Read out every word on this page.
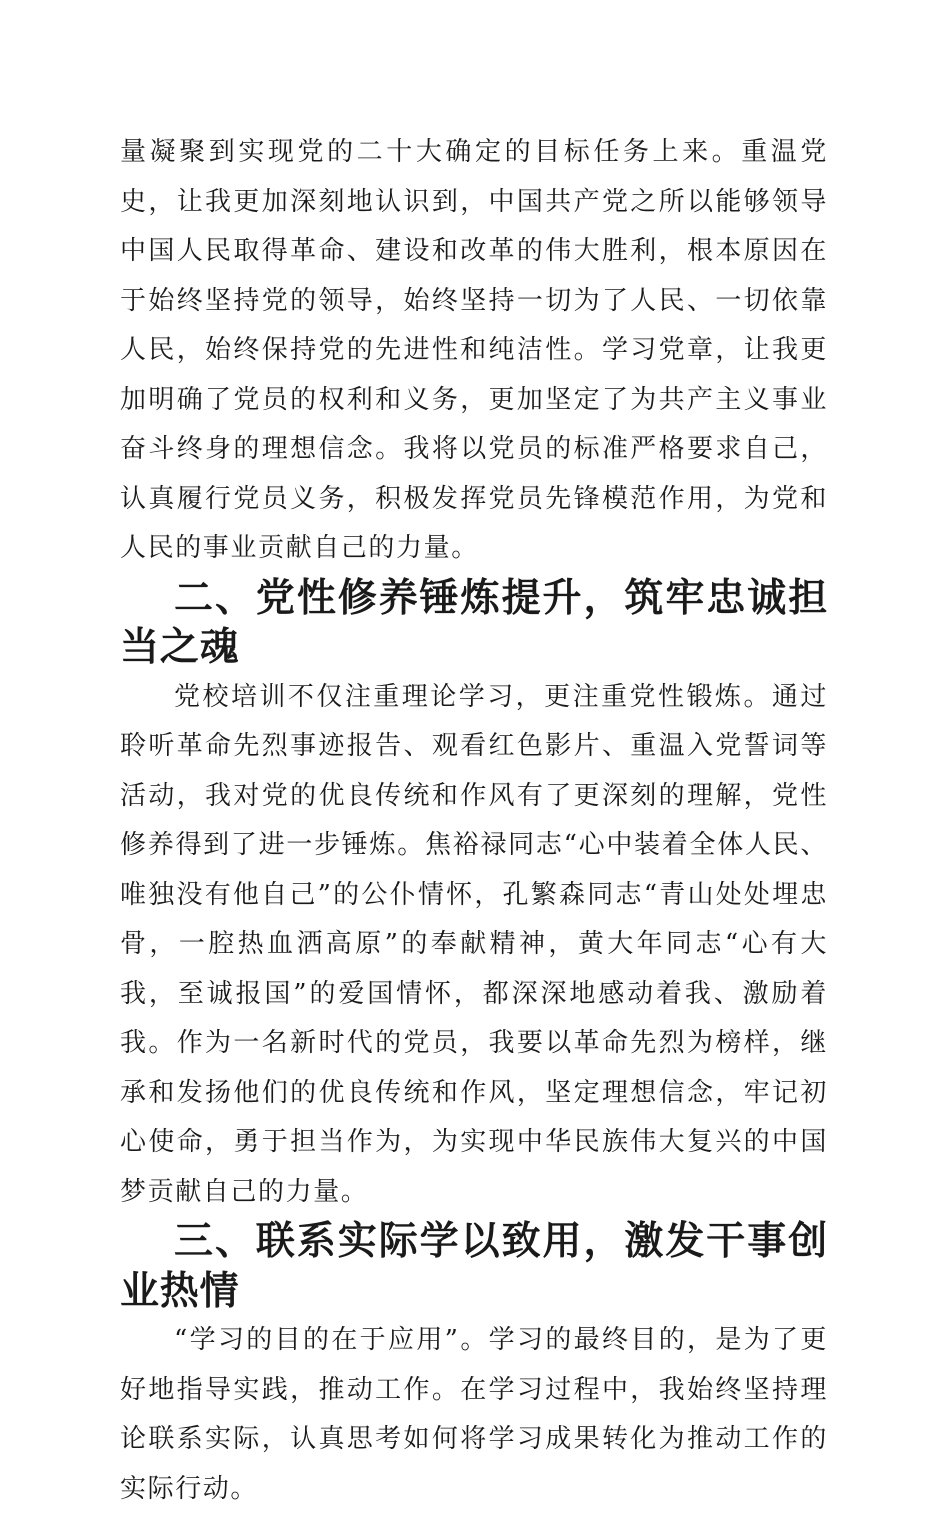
量凝聚到实现党的二十大确定的目标任务上来。重温党史，让我更加深刻地认识到，中国共产党之所以能够领导中国人民取得革命、建设和改革的伟大胜利，根本原因在于始终坚持党的领导，始终坚持一切为了人民、一切依靠人民，始终保持党的先进性和纯洁性。学习党章，让我更加明确了党员的权利和义务，更加坚定了为共产主义事业奋斗终身的理想信念。我将以党员的标准严格要求自己，认真履行党员义务，积极发挥党员先锋模范作用，为党和人民的事业贡献自己的力量。

二、党性修养锤炼提升，筑牢忠诚担当之魂

党校培训不仅注重理论学习，更注重党性锻炼。通过聆听革命先烈事迹报告、观看红色影片、重温入党誓词等活动，我对党的优良传统和作风有了更深刻的理解，党性修养得到了进一步锤炼。焦裕禄同志“心中装着全体人民、唯独没有他自己”的公仆情怀，孔繁森同志“青山处处埋忠骨，一腔热血洒高原”的奉献精神，黄大年同志“心有大我，至诚报国”的爱国情怀，都深深地感动着我、激励着我。作为一名新时代的党员，我要以革命先烈为榜样，继承和发扬他们的优良传统和作风，坚定理想信念，牢记初心使命，勇于担当作为，为实现中华民族伟大复兴的中国梦贡献自己的力量。

三、联系实际学以致用，激发干事创业热情

“学习的目的在于应用”。学习的最终目的，是为了更好地指导实践，推动工作。在学习过程中，我始终坚持理论联系实际，认真思考如何将学习成果转化为推动工作的实际行动。
